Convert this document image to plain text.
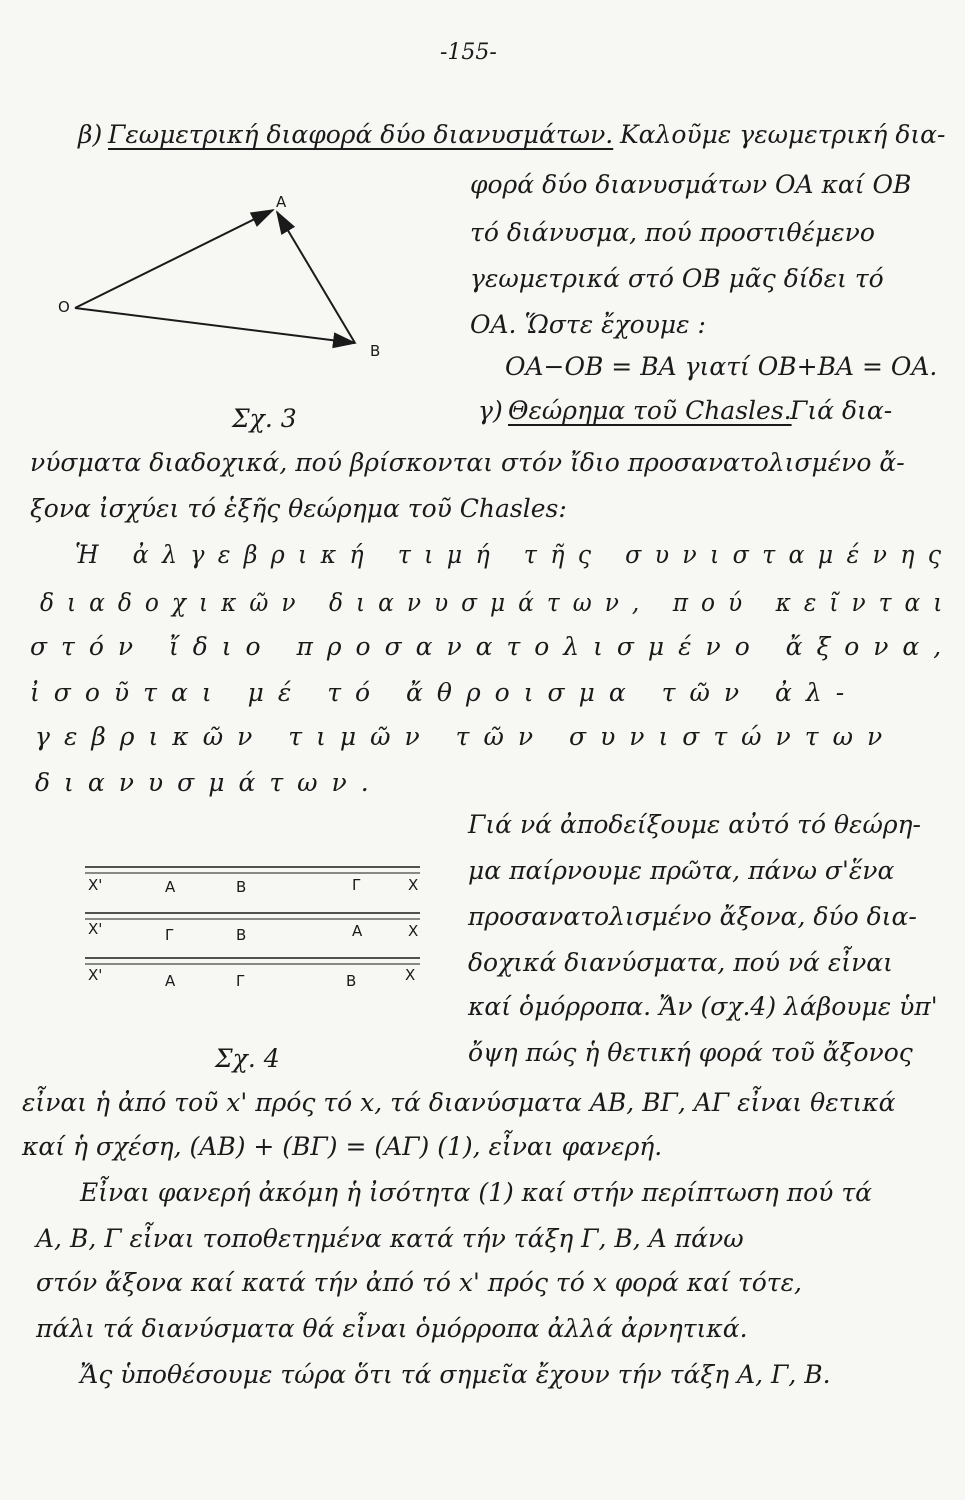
-155-
β) Γεωμετρική διαφορά δύο διανυσμάτων. Καλοῦμε γεωμετρική δια-
φορά δύο διανυσμάτων OA καί OB
τό διάνυσμα, πού προστιθέμενο
γεωμετρικά στό OB μᾶς δίδει τό
OA. Ὥστε ἔχουμε :
OA−OB = BA γιατί OB+BA = OA.
O
A
B
Σχ. 3	γ) Θεώρημα τοῦ Chasles.
Γιά δια-
νύσματα διαδοχικά, πού βρίσκονται στόν ἴδιο προσανατολισμένο ἄ-
ξονα ἰσχύει τό ἑξῆς θεώρημα τοῦ Chasles:
Ἡ ἀλγεβρική τιμή τῆς συνισταμένης
διαδοχικῶν διανυσμάτων, πού κεῖνται
στόν ἴδιο προσανατολισμένο ἄξονα,
ἰσοῦται μέ τό ἄθροισμα τῶν ἀλ-
γεβρικῶν τιμῶν τῶν συνιστώντων
διανυσμάτων.
Γιά νά ἀποδείξουμε αὐτό τό θεώρη-
μα παίρνουμε πρῶτα, πάνω σ'ἕνα
προσανατολισμένο ἄξονα, δύο δια-
δοχικά διανύσματα, πού νά εἶναι
καί ὁμόρροπα. Ἄν (σχ.4) λάβουμε ὑπ'
ὄψη πώς ἡ θετική φορά τοῦ ἄξονος
X'	A	B	Γ	X
X'	Γ	B	A	X
X'	A	Γ	B	X
Σχ. 4
εἶναι ἡ ἀπό τοῦ x' πρός τό x, τά διανύσματα AB, BΓ, AΓ εἶναι θετικά
καί ἡ σχέση, (AB) + (BΓ) = (AΓ) (1), εἶναι φανερή.
Εἶναι φανερή ἀκόμη ἡ ἰσότητα (1) καί στήν περίπτωση πού τά
A, B, Γ εἶναι τοποθετημένα κατά τήν τάξη Γ, B, A πάνω
στόν ἄξονα καί κατά τήν ἀπό τό x' πρός τό x φορά καί τότε,
πάλι τά διανύσματα θά εἶναι ὁμόρροπα ἀλλά ἀρνητικά.
Ἄς ὑποθέσουμε τώρα ὅτι τά σημεῖα ἔχουν τήν τάξη A, Γ, B.
